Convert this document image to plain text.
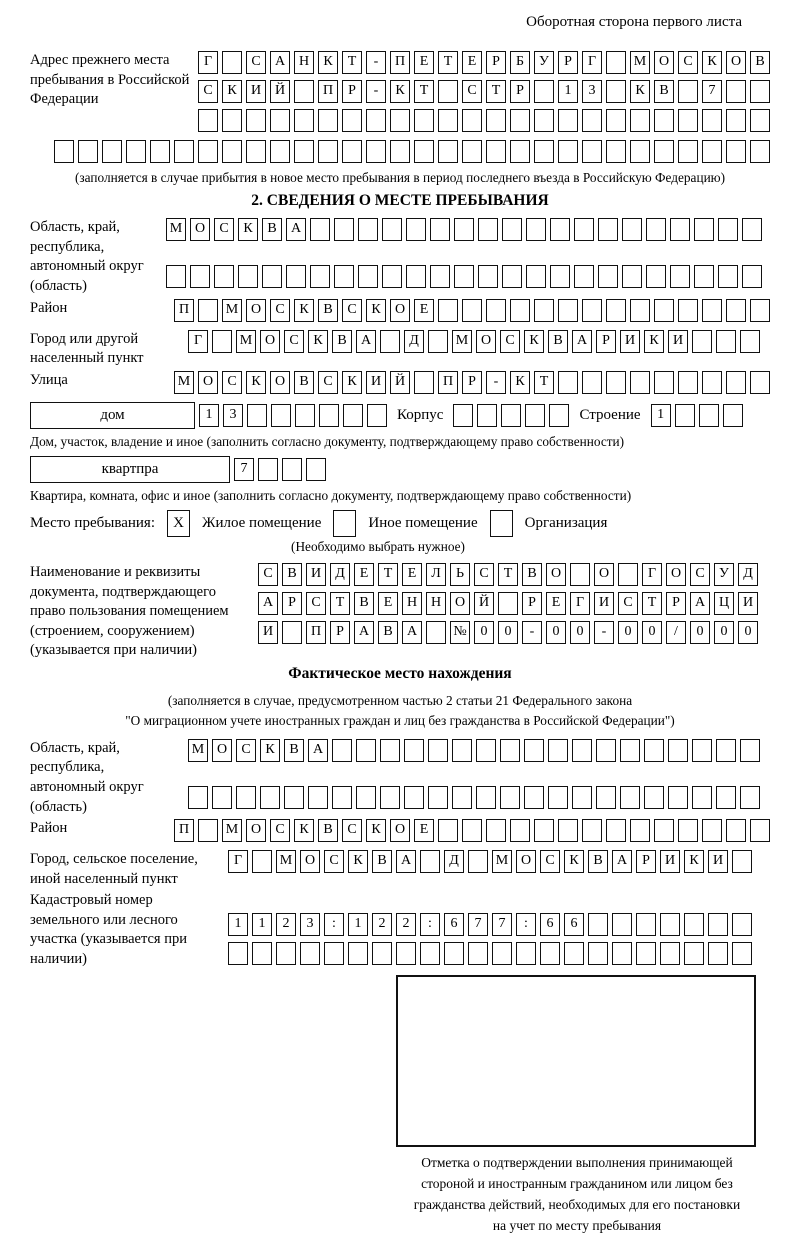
Оборотная сторона первого листа
Адрес прежнего места пребывания в Российской Федерации
Г	С	А Н	К	Т	-	П	Е	Т	Е	Р	Б	У	Р	Г	М О	С	К	О	В
С	К	И Й	П	Р	-	К	Т	С	Т	Р	1	3	К	В	7
(заполняется в случае прибытия в новое место пребывания в период последнего въезда в Российскую Федерацию)
2. СВЕДЕНИЯ О МЕСТЕ ПРЕБЫВАНИЯ
Область, край, республика, автономный округ (область)
М О	С	К	В	А
Район	П	М О	С	К	В	С	К	О	Е
Город или другой населенный пункт
Г	М О	С	К	В	А	Д	М О	С	К	В	А	Р	И	К	И
Улица	М О	С	К	О	В	С	К	И Й	П	Р	-	К	Т
дом	1	3	Корпус	Строение	1
Дом, участок, владение и иное (заполнить согласно документу, подтверждающему право собственности)
квартпра	7
Квартира, комната, офис и иное (заполнить согласно документу, подтверждающему право собственности)
Место пребывания:	X	Жилое помещение	Иное помещение	Организация
(Необходимо выбрать нужное)
Наименование и реквизиты документа, подтверждающего право пользования помещением (строением, сооружением) (указывается при наличии)
С	В	И	Д	Е	Т	Е	Л	Ь	С	Т	В	О	О	Г	О	С	У	Д
А	Р	С	Т	В	Е	Н Н О Й	Р	Е	Г	И	С	Т	Р	А Ц И
И	П	Р	А	В	А	№ 0	0	-	0	0	-	0	0	/	0	0	0
Фактическое место нахождения
(заполняется в случае, предусмотренном частью 2 статьи 21 Федерального закона
"О миграционном учете иностранных граждан и лиц без гражданства в Российской Федерации")
Область, край, республика, автономный округ (область)
М О	С	К	В	А
Район	П	М О	С	К	В	С	К	О	Е
Город, сельское поселение, иной населенный пункт
Г	М О	С	К	В	А	Д	М О	С	К	В	А	Р	И	К	И
Кадастровый номер земельного или лесного участка (указывается при наличии)
1	1	2	3	:	1	2	2	:	6	7	7	:	6	6
Отметка о подтверждении выполнения принимающей
стороной и иностранным гражданином или лицом без
гражданства действий, необходимых для его постановки
на учет по месту пребывания
